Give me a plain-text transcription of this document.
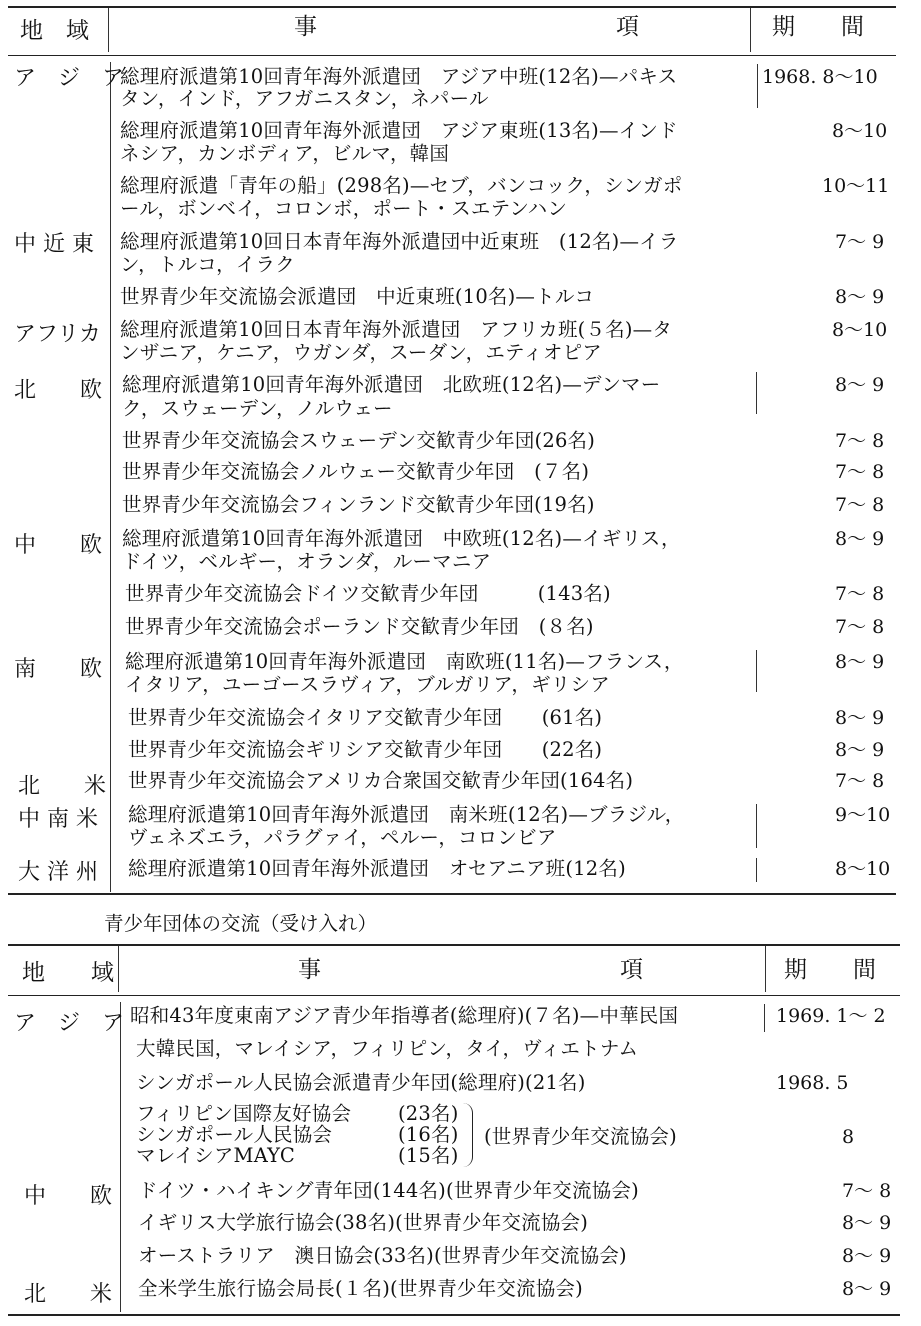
地　域	事　　　　　　　　　　　　　項	期　　間
ア　ジ　ア
総理府派遣第10回青年海外派遣団　アジア中班(12名)—パキス
タン，インド，アフガニスタン，ネパール
1968. 8～10
総理府派遣第10回青年海外派遣団　アジア東班(13名)—インド
ネシア，カンボディア，ビルマ，韓国
8～10
総理府派遣「青年の船」(298名)—セブ，バンコック，シンガポ
ール，ボンベイ，コロンボ，ポート・スエテンハン
10～11
中 近 東 総理府派遣第10回日本青年海外派遣団中近東班　(12名)—イラ
ン，トルコ，イラク
7～ 9
世界青少年交流協会派遣団　中近東班(10名)—トルコ	8～ 9
アフリカ 総理府派遣第10回日本青年海外派遣団　アフリカ班(５名)—タ
ンザニア，ケニア，ウガンダ，スーダン，エティオピア
8～10
北　　欧 総理府派遣第10回青年海外派遣団　北欧班(12名)—デンマー
ク，スウェーデン，ノルウェー
8～ 9
世界青少年交流協会スウェーデン交歓青少年団(26名)	7～ 8
世界青少年交流協会ノルウェー交歓青少年団　(７名)	7～ 8
世界青少年交流協会フィンランド交歓青少年団(19名)	7～ 8
中　　欧 総理府派遣第10回青年海外派遣団　中欧班(12名)—イギリス，
ドイツ，ベルギー，オランダ，ルーマニア
8～ 9
世界青少年交流協会ドイツ交歓青少年団　　　(143名)	7～ 8
世界青少年交流協会ポーランド交歓青少年団　(８名)	7～ 8
南　　欧 総理府派遣第10回青年海外派遣団　南欧班(11名)—フランス，
イタリア，ユーゴースラヴィア，ブルガリア，ギリシア
8～ 9
世界青少年交流協会イタリア交歓青少年団　　(61名)	8～ 9
世界青少年交流協会ギリシア交歓青少年団　　(22名)	8～ 9
北　　米 世界青少年交流協会アメリカ合衆国交歓青少年団(164名)	7～ 8
中 南 米 総理府派遣第10回青年海外派遣団　南米班(12名)—ブラジル，
ヴェネズエラ，パラグァイ，ペルー，コロンビア
9～10
大 洋 州 総理府派遣第10回青年海外派遣団　オセアニア班(12名)	8～10
青少年団体の交流（受け入れ）
地　　域	事　　　　　　　　　　　　　項	期　　間
ア　ジ　ア 昭和43年度東南アジア青少年指導者(総理府)(７名)—中華民国	1969. 1～ 2
大韓民国，マレイシア，フィリピン，タイ，ヴィエトナム
シンガポール人民協会派遣青少年団(総理府)(21名)	1968. 5
フィリピン国際友好協会 (23名)
シンガポール人民協会	(16名)
マレイシアMAYC	(15名)
(世界青少年交流協会)	8
中　　欧 ドイツ・ハイキング青年団(144名)(世界青少年交流協会)	7～ 8
イギリス大学旅行協会(38名)(世界青少年交流協会)	8～ 9
オーストラリア　澳日協会(33名)(世界青少年交流協会)	8～ 9
北　　米 全米学生旅行協会局長(１名)(世界青少年交流協会)	8～ 9
